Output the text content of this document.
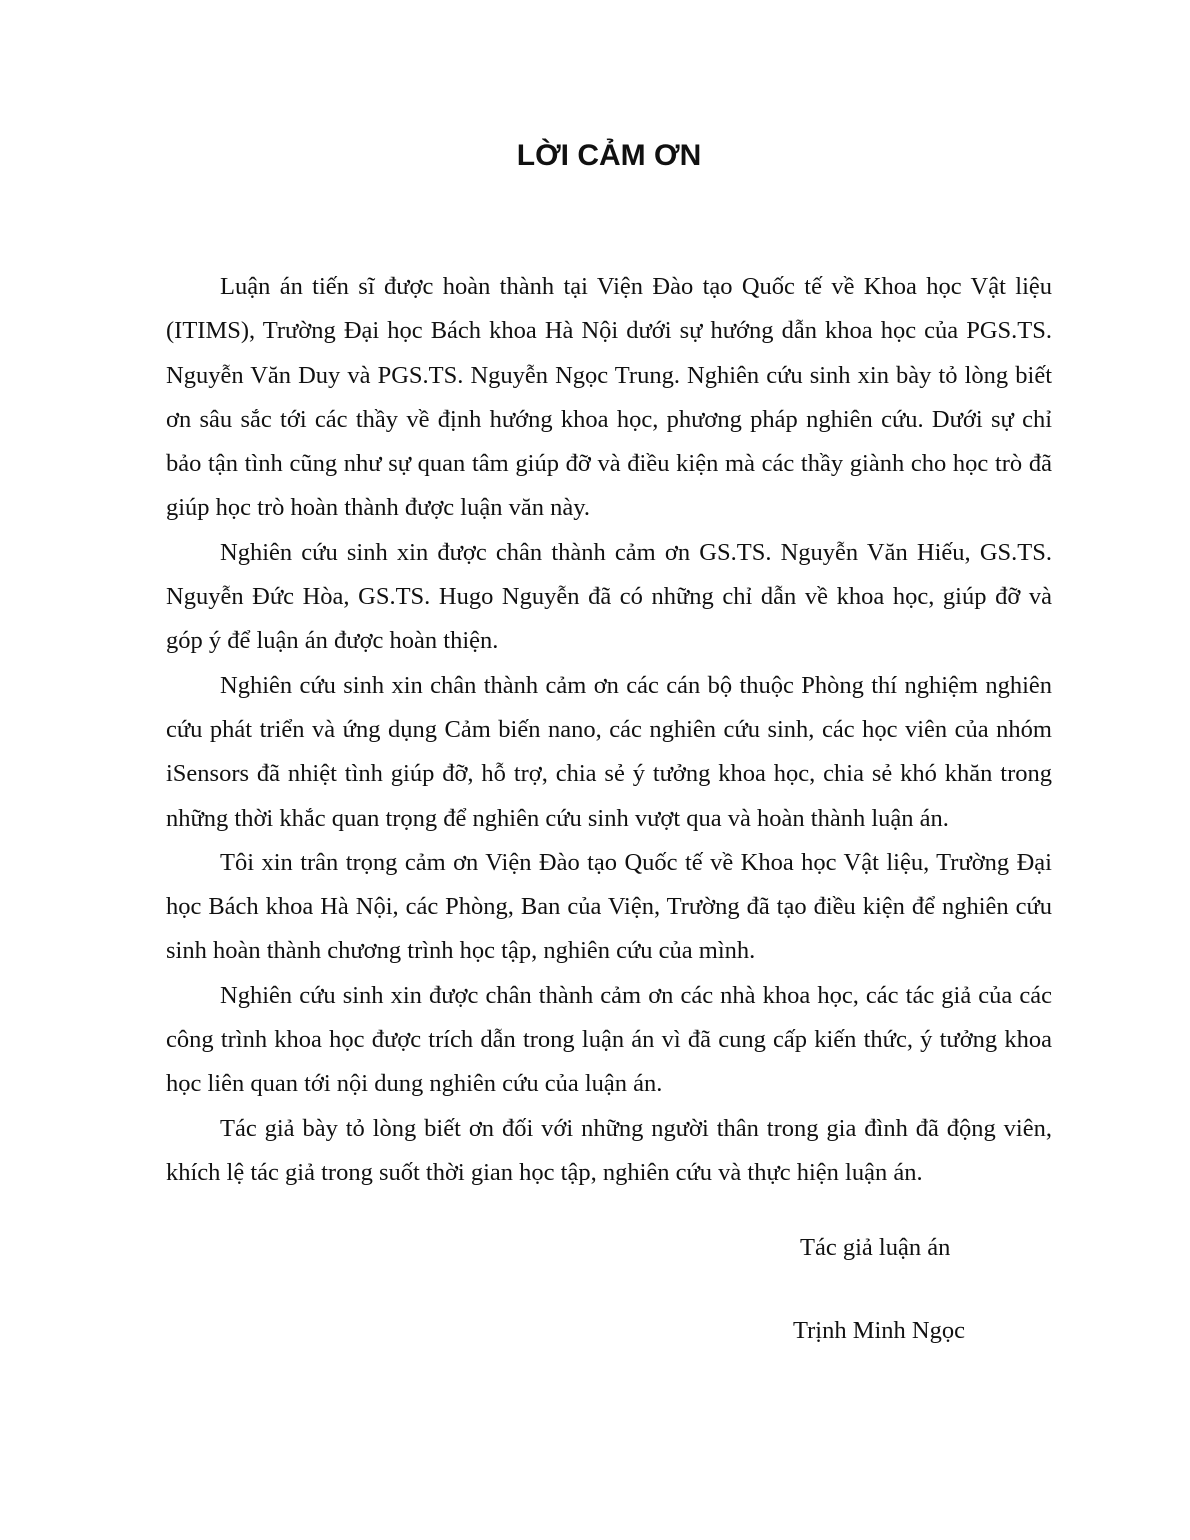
LỜI CẢM ƠN

Luận án tiến sĩ được hoàn thành tại Viện Đào tạo Quốc tế về Khoa học Vật liệu (ITIMS), Trường Đại học Bách khoa Hà Nội dưới sự hướng dẫn khoa học của PGS.TS. Nguyễn Văn Duy và PGS.TS. Nguyễn Ngọc Trung. Nghiên cứu sinh xin bày tỏ lòng biết ơn sâu sắc tới các thầy về định hướng khoa học, phương pháp nghiên cứu. Dưới sự chỉ bảo tận tình cũng như sự quan tâm giúp đỡ và điều kiện mà các thầy giành cho học trò đã giúp học trò hoàn thành được luận văn này.

Nghiên cứu sinh xin được chân thành cảm ơn GS.TS. Nguyễn Văn Hiếu, GS.TS. Nguyễn Đức Hòa, GS.TS. Hugo Nguyễn đã có những chỉ dẫn về khoa học, giúp đỡ và góp ý để luận án được hoàn thiện.

Nghiên cứu sinh xin chân thành cảm ơn các cán bộ thuộc Phòng thí nghiệm nghiên cứu phát triển và ứng dụng Cảm biến nano, các nghiên cứu sinh, các học viên của nhóm iSensors đã nhiệt tình giúp đỡ, hỗ trợ, chia sẻ ý tưởng khoa học, chia sẻ khó khăn trong những thời khắc quan trọng để nghiên cứu sinh vượt qua và hoàn thành luận án.

Tôi xin trân trọng cảm ơn Viện Đào tạo Quốc tế về Khoa học Vật liệu, Trường Đại học Bách khoa Hà Nội, các Phòng, Ban của Viện, Trường đã tạo điều kiện để nghiên cứu sinh hoàn thành chương trình học tập, nghiên cứu của mình.

Nghiên cứu sinh xin được chân thành cảm ơn các nhà khoa học, các tác giả của các công trình khoa học được trích dẫn trong luận án vì đã cung cấp kiến thức, ý tưởng khoa học liên quan tới nội dung nghiên cứu của luận án.

Tác giả bày tỏ lòng biết ơn đối với những người thân trong gia đình đã động viên, khích lệ tác giả trong suốt thời gian học tập, nghiên cứu và thực hiện luận án.

Tác giả luận án
Trịnh Minh Ngọc
